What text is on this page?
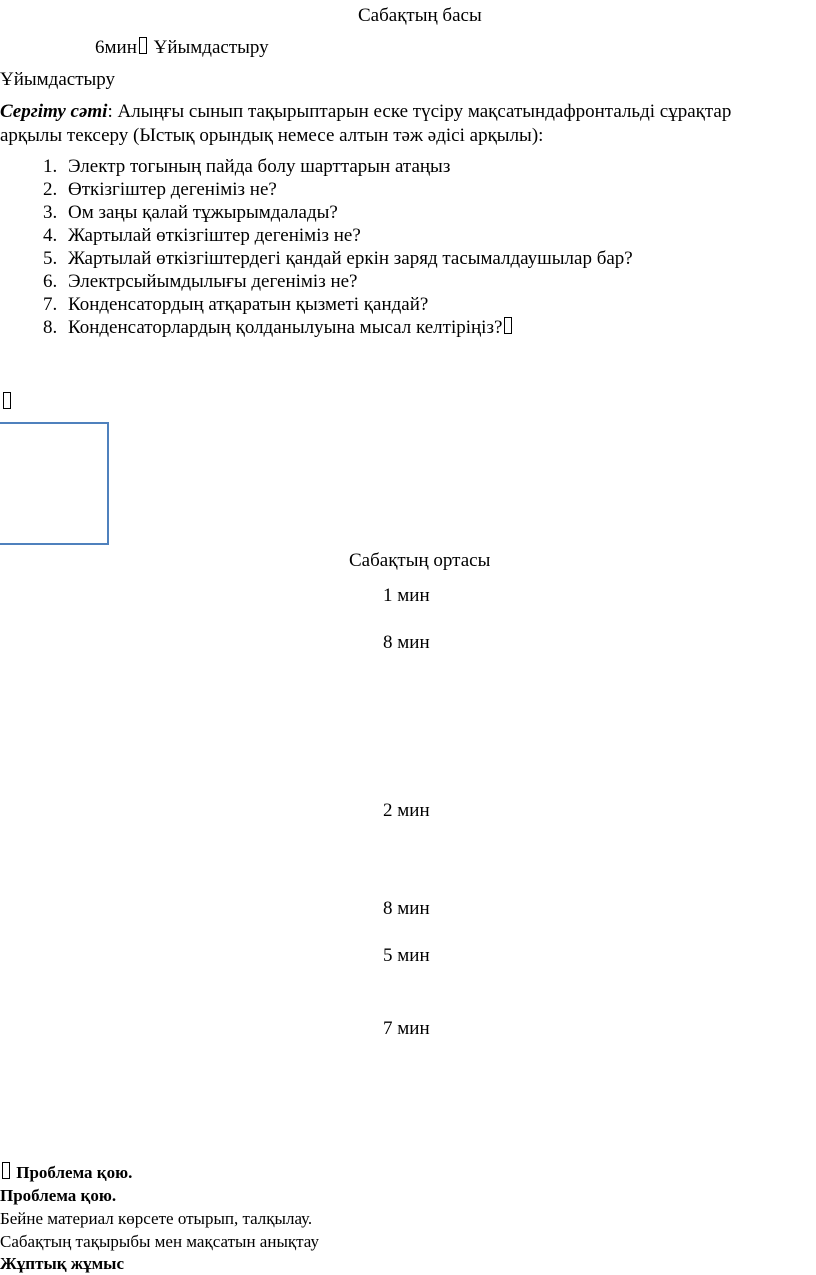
Сабақтың басы
6мин Ұйымдастыру
Ұйымдастыру
Сергіту сәті: Алыңғы сынып тақырыптарын еске түсіру мақсатындафронтальді сұрақтар
арқылы тексеру (Ыстық орындық немесе алтын тәж әдісі арқылы):
1. Электр тогының пайда болу шарттарын атаңыз
2. Өткізгіштер дегеніміз не?
3. Ом заңы қалай тұжырымдалады?
4. Жартылай өткізгіштер дегеніміз не?
5. Жартылай өткізгіштердегі қандай еркін заряд тасымалдаушылар бар?
6. Электрсыйымдылығы дегеніміз не?
7. Конденсатордың атқаратын қызметі қандай?
8. Конденсаторлардың қолданылуына мысал келтіріңіз?
Сабақтың ортасы
1 мин
8 мин
2 мин
8 мин
5 мин
7 мин
Проблема қою.
Проблема қою.
Бейне материал көрсете отырып, талқылау.
Сабақтың тақырыбы мен мақсатын анықтау
Жұптық жұмыс
